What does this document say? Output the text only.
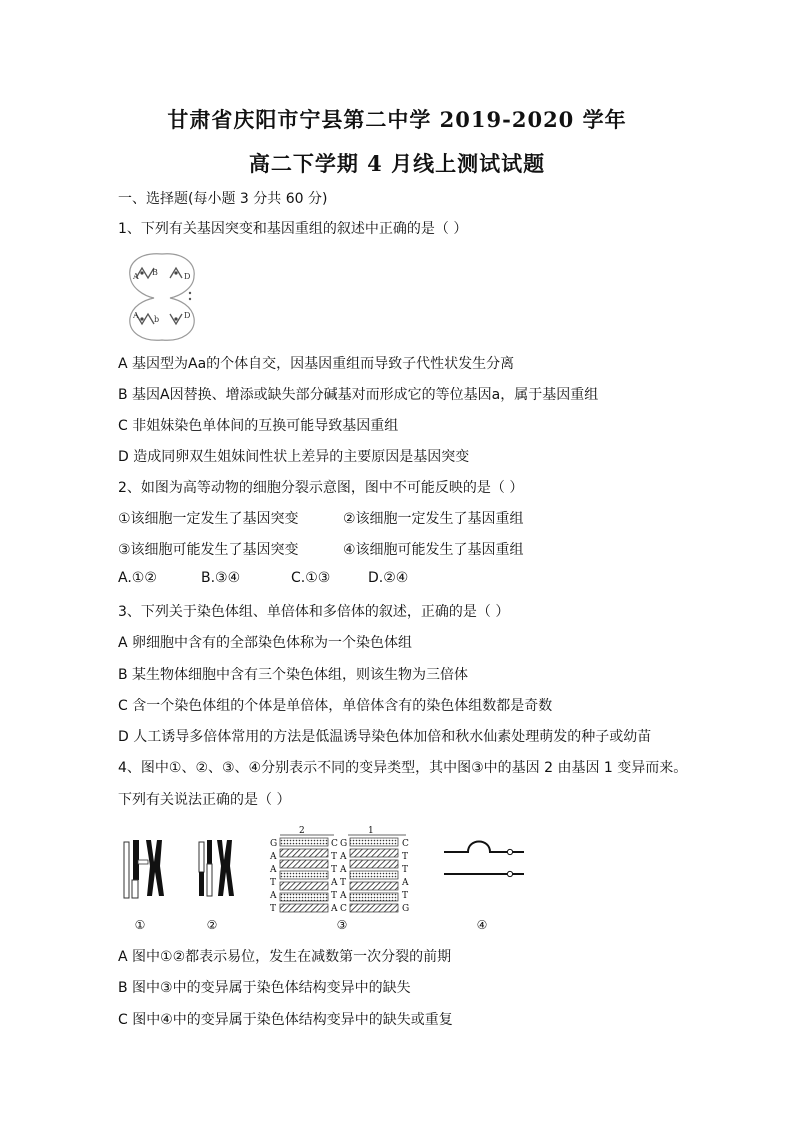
甘肃省庆阳市宁县第二中学 2019-2020 学年
高二下学期 4 月线上测试试题
一、选择题(每小题 3 分共 60 分)
1、下列有关基因突变和基因重组的叙述中正确的是（ ）
A B	D
A b	D
A 基因型为Aa的个体自交，因基因重组而导致子代性状发生分离
B 基因A因替换、增添或缺失部分碱基对而形成它的等位基因a，属于基因重组
C 非姐妹染色单体间的互换可能导致基因重组
D 造成同卵双生姐妹间性状上差异的主要原因是基因突变
2、如图为高等动物的细胞分裂示意图，图中不可能反映的是（ ）
①该细胞一定发生了基因突变	②该细胞一定发生了基因重组
③该细胞可能发生了基因突变	④该细胞可能发生了基因重组
A.①②	B.③④	C.①③	D.②④
3、下列关于染色体组、单倍体和多倍体的叙述，正确的是（ ）
A 卵细胞中含有的全部染色体称为一个染色体组
B 某生物体细胞中含有三个染色体组，则该生物为三倍体
C 含一个染色体组的个体是单倍体，单倍体含有的染色体组数都是奇数
D 人工诱导多倍体常用的方法是低温诱导染色体加倍和秋水仙素处理萌发的种子或幼苗
4、图中①、②、③、④分别表示不同的变异类型，其中图③中的基因 2 由基因 1 变异而来。
下列有关说法正确的是（ ）
2	1
G
A
A
T
A
T
C
T
T
A
T
A
G
A
A
T
A
C
C
T
T
A
T
G
①	②	③	④
A 图中①②都表示易位，发生在减数第一次分裂的前期
B 图中③中的变异属于染色体结构变异中的缺失
C 图中④中的变异属于染色体结构变异中的缺失或重复
